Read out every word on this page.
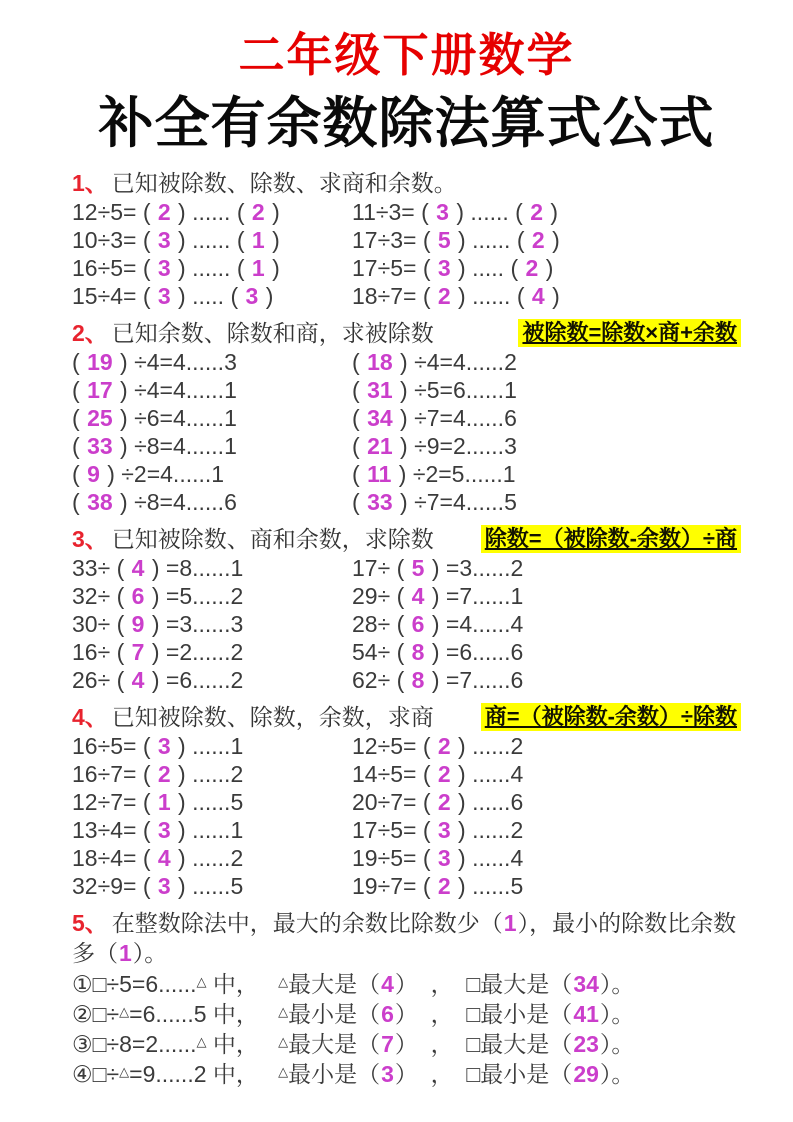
二年级下册数学
补全有余数除法算式公式
1、 已知被除数、除数、求商和余数。
12÷5= ( 2 ) ...... ( 2 )	11÷3= ( 3 ) ...... ( 2 )
10÷3= ( 3 ) ...... ( 1 )	17÷3= ( 5 ) ...... ( 2 )
16÷5= ( 3 ) ...... ( 1 )	17÷5= ( 3 ) ..... ( 2 )
15÷4= ( 3 ) ..... ( 3 )	18÷7= ( 2 ) ...... ( 4 )
2、 已知余数、除数和商，求被除数	被除数=除数×商+余数
( 19 ) ÷4=4......3	( 18 ) ÷4=4......2
( 17 ) ÷4=4......1	( 31 ) ÷5=6......1
( 25 ) ÷6=4......1	( 34 ) ÷7=4......6
( 33 ) ÷8=4......1	( 21 ) ÷9=2......3
( 9 ) ÷2=4......1	( 11 ) ÷2=5......1
( 38 ) ÷8=4......6	( 33 ) ÷7=4......5
3、 已知被除数、商和余数，求除数 除数=（被除数-余数）÷商
33÷ ( 4 ) =8......1	17÷ ( 5 ) =3......2
32÷ ( 6 ) =5......2	29÷ ( 4 ) =7......1
30÷ ( 9 ) =3......3	28÷ ( 6 ) =4......4
16÷ ( 7 ) =2......2	54÷ ( 8 ) =6......6
26÷ ( 4 ) =6......2	62÷ ( 8 ) =7......6
4、 已知被除数、除数，余数，求商 商=（被除数-余数）÷除数
16÷5= ( 3 ) ......1	12÷5= ( 2 ) ......2
16÷7= ( 2 ) ......2	14÷5= ( 2 ) ......4
12÷7= ( 1 ) ......5	20÷7= ( 2 ) ......6
13÷4= ( 3 ) ......1	17÷5= ( 3 ) ......2
18÷4= ( 4 ) ......2	19÷5= ( 3 ) ......4
32÷9= ( 3 ) ......5	19÷7= ( 2 ) ......5
5、 在整数除法中，最大的余数比除数少（1），最小的除数比余数多（1）。
①□÷5=6......△ 中，   △最大是（4）  ，  □最大是（34）。
②□÷△=6......5 中，   △最小是（6）  ，  □最小是（41）。
③□÷8=2......△ 中，   △最大是（7）  ，  □最大是（23）。
④□÷△=9......2 中，   △最小是（3）  ，  □最小是（29）。
